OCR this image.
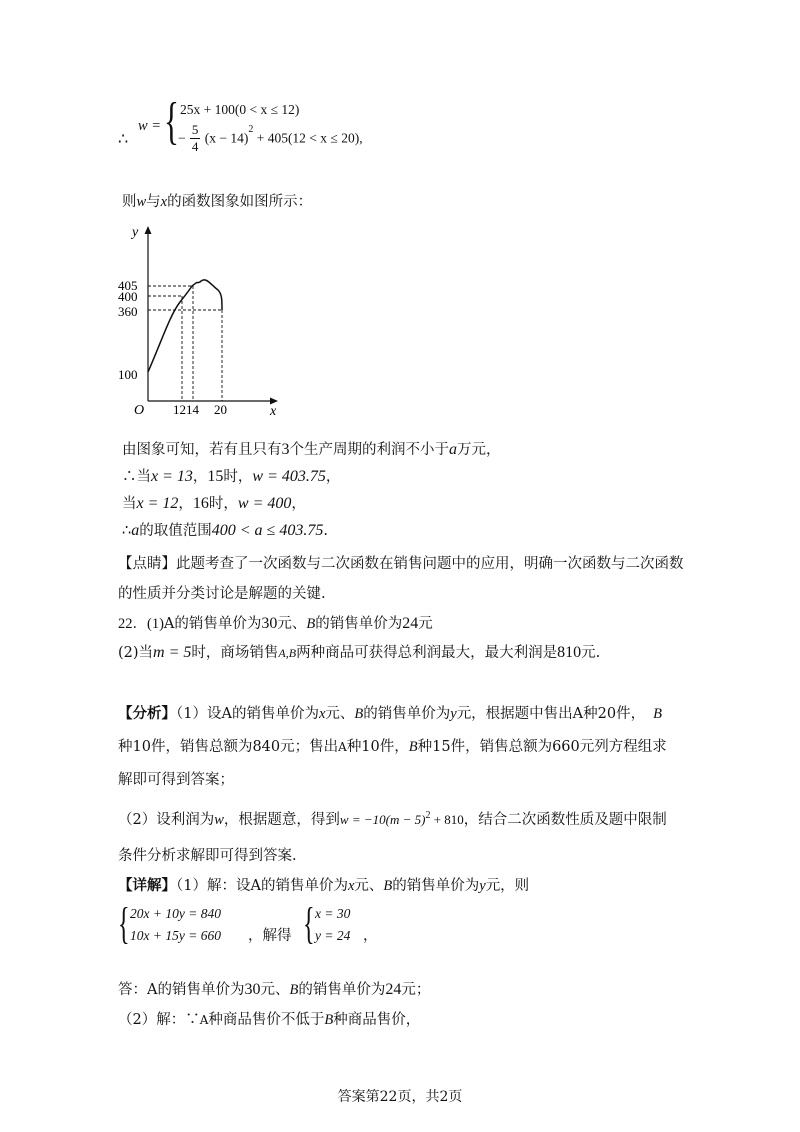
∴
w = { 25x + 100(0 < x ≤ 12)
− $\frac{5}{4} (x - 14)^2 + 405(12 < x \le 20)$,
则w与x的函数图象如图所示：
y
x
O
405
400
360
100
1214 20
由图象可知，若有且只有3个生产周期的利润不小于a万元，
∴当x = 13，15时，w = 403.75，
当x = 12，16时，w = 400，
∴a的取值范围400 < a ≤ 403.75.
【点睛】此题考查了一次函数与二次函数在销售问题中的应用，明确一次函数与二次函数
的性质并分类讨论是解题的关键.
22．(1)A的销售单价为30元、B的销售单价为24元
(2)当m = 5时，商场销售A,B两种商品可获得总利润最大，最大利润是810元.
【分析】（1）设A的销售单价为x元、B的销售单价为y元，根据题中售出A种20件， B
种10件，销售总额为840元；售出A种10件，B种15件，销售总额为660元列方程组求
解即可得到答案；
（2）设利润为w，根据题意，得到$w = -10(m - 5)^2 + 810$，结合二次函数性质及题中限制
条件分析求解即可得到答案.
【详解】（1）解：设A的销售单价为x元、B的销售单价为y元，则
{ 20x + 10y = 840
10x + 15y = 660 ，解得 { x = 30
y = 24 ，
答：A的销售单价为30元、B的销售单价为24元；
（2）解：∵A种商品售价不低于B种商品售价，
答案第22页，共2页
